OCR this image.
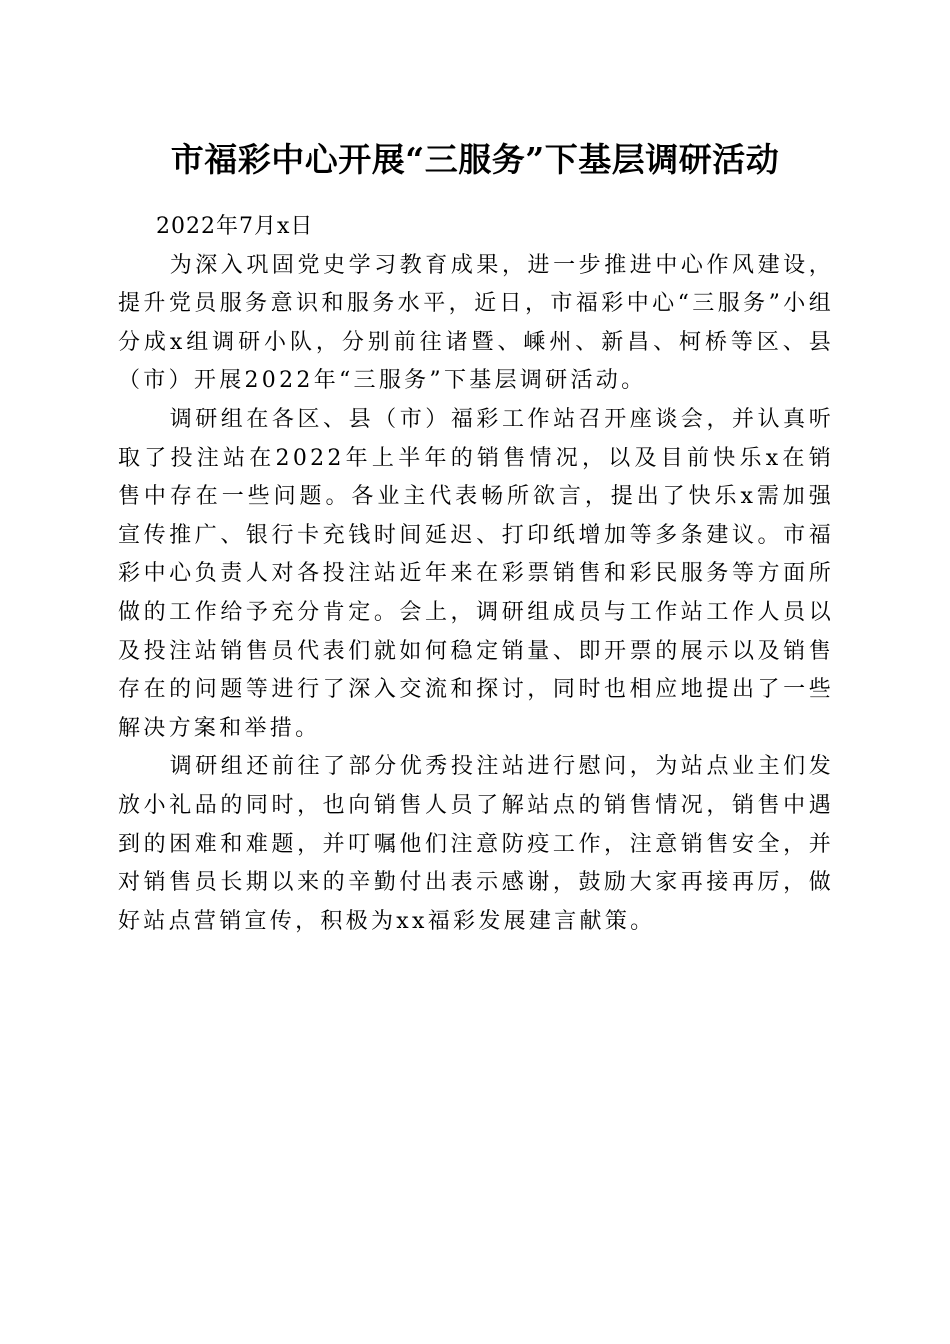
市福彩中心开展“三服务”下基层调研活动
2022年7月x日

为深入巩固党史学习教育成果，进一步推进中心作风建设，提升党员服务意识和服务水平，近日，市福彩中心“三服务”小组分成x组调研小队，分别前往诸暨、嵊州、新昌、柯桥等区、县（市）开展2022年“三服务”下基层调研活动。

调研组在各区、县（市）福彩工作站召开座谈会，并认真听取了投注站在2022年上半年的销售情况，以及目前快乐x在销售中存在一些问题。各业主代表畅所欲言，提出了快乐x需加强宣传推广、银行卡充钱时间延迟、打印纸增加等多条建议。市福彩中心负责人对各投注站近年来在彩票销售和彩民服务等方面所做的工作给予充分肯定。会上，调研组成员与工作站工作人员以及投注站销售员代表们就如何稳定销量、即开票的展示以及销售存在的问题等进行了深入交流和探讨，同时也相应地提出了一些解决方案和举措。

调研组还前往了部分优秀投注站进行慰问，为站点业主们发放小礼品的同时，也向销售人员了解站点的销售情况，销售中遇到的困难和难题，并叮嘱他们注意防疫工作，注意销售安全，并对销售员长期以来的辛勤付出表示感谢，鼓励大家再接再厉，做好站点营销宣传，积极为xx福彩发展建言献策。
